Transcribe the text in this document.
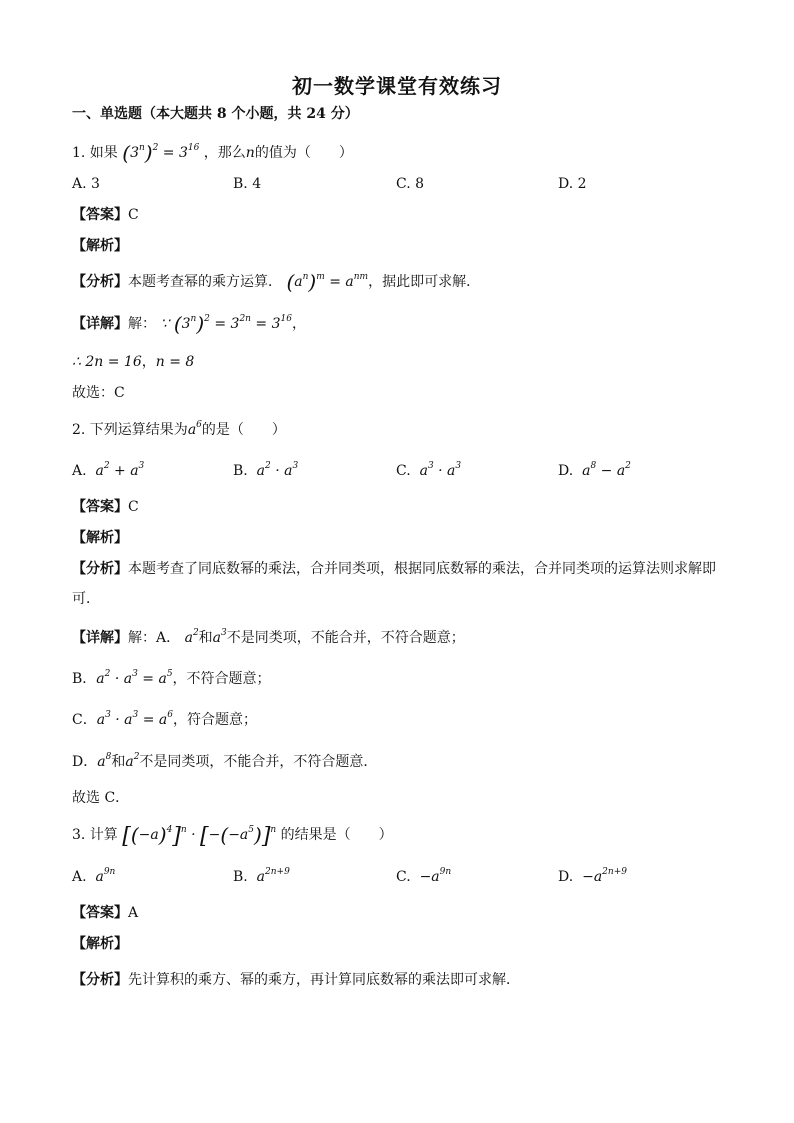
初一数学课堂有效练习
一、单选题（本大题共 8 个小题，共 24 分）
1. 如果 $(3^n)^2 = 3^{16}$ ，那么n的值为（　　）
A. 3	B. 4	C. 8	D. 2
【答案】C
【解析】
【分析】本题考查幂的乘方运算． $(a^n)^m = a^{nm}$，据此即可求解．
【详解】解： ∵ $(3^n)^2 = 3^{2n} = 3^{16}$，
∴ 2n = 16，n = 8
故选：C
2. 下列运算结果为$a^6$的是（　　）
A. $a^2 + a^3$	B. $a^2 \cdot a^3$	C. $a^3 \cdot a^3$	D. $a^8 - a^2$
【答案】C
【解析】
【分析】本题考查了同底数幂的乘法，合并同类项，根据同底数幂的乘法，合并同类项的运算法则求解即可．
【详解】解：A． $a^2$和$a^3$不是同类项，不能合并，不符合题意；
B．$a^2 \cdot a^3 = a^5$，不符合题意；
C．$a^3 \cdot a^3 = a^6$，符合题意；
D．$a^8$和$a^2$不是同类项，不能合并，不符合题意．
故选 C．
3. 计算 $[(-a)^4]^n \cdot [-(-a^5)]^n$ 的结果是（　　）
A. $a^{9n}$	B. $a^{2n+9}$	C. $-a^{9n}$	D. $-a^{2n+9}$
【答案】A
【解析】
【分析】先计算积的乘方、幂的乘方，再计算同底数幂的乘法即可求解．
